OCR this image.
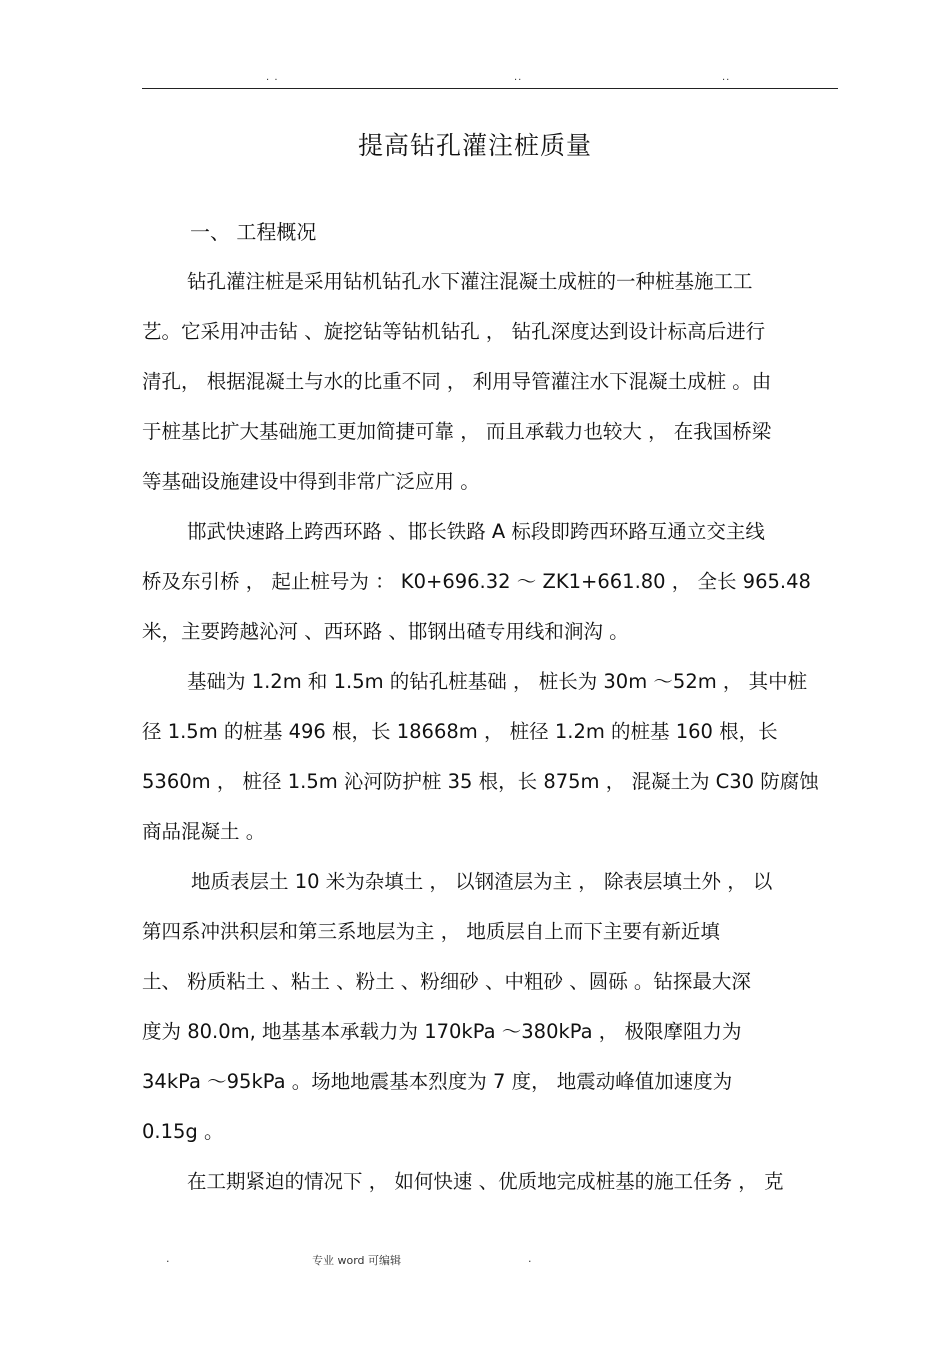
. .	..	..
提高钻孔灌注桩质量
一、 工程概况
钻孔灌注桩是采用钻机钻孔水下灌注混凝土成桩的一种桩基施工工
艺。它采用冲击钻 、旋挖钻等钻机钻孔 ， 钻孔深度达到设计标高后进行
清孔， 根据混凝土与水的比重不同 ， 利用导管灌注水下混凝土成桩 。由
于桩基比扩大基础施工更加简捷可靠 ， 而且承载力也较大 ， 在我国桥梁
等基础设施建设中得到非常广泛应用 。
邯武快速路上跨西环路 、邯长铁路 A 标段即跨西环路互通立交主线
桥及东引桥 ， 起止桩号为 ： K0+696.32 ～ ZK1+661.80 ， 全长 965.48
米，主要跨越沁河 、西环路 、邯钢出碴专用线和涧沟 。
基础为 1.2m 和 1.5m 的钻孔桩基础 ， 桩长为 30m ～52m ， 其中桩
径 1.5m 的桩基 496 根，长 18668m ， 桩径 1.2m 的桩基 160 根，长
5360m ， 桩径 1.5m 沁河防护桩 35 根，长 875m ， 混凝土为 C30 防腐蚀
商品混凝土 。
地质表层土 10 米为杂填土 ， 以钢渣层为主 ， 除表层填土外 ， 以
第四系冲洪积层和第三系地层为主 ， 地质层自上而下主要有新近填
土、 粉质粘土 、粘土 、粉土 、粉细砂 、中粗砂 、圆砾 。钻探最大深
度为 80.0m, 地基基本承载力为 170kPa ～380kPa ， 极限摩阻力为
34kPa ～95kPa 。场地地震基本烈度为 7 度， 地震动峰值加速度为
0.15g 。
在工期紧迫的情况下 ， 如何快速 、优质地完成桩基的施工任务 ， 克
.	专业 word 可编辑	.
